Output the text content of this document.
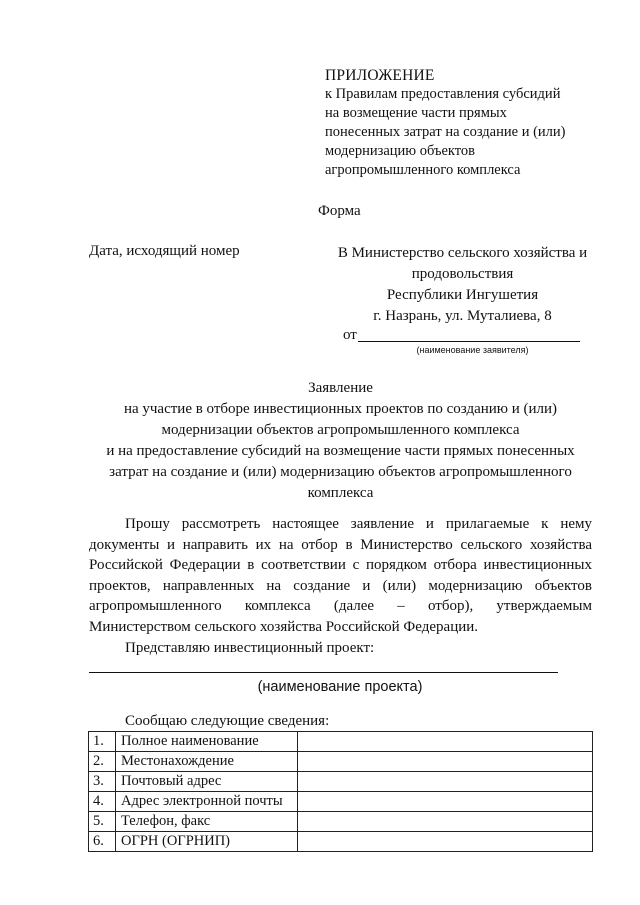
ПРИЛОЖЕНИЕ
к Правилам предоставления субсидий
на возмещение части прямых
понесенных затрат на создание и (или)
модернизацию объектов
агропромышленного комплекса
Форма
Дата, исходящий номер	В Министерство сельского хозяйства и
продовольствия
Республики Ингушетия
г. Назрань, ул. Муталиева, 8
от
(наименование заявителя)
Заявление
на участие в отборе инвестиционных проектов по созданию и (или)
модернизации объектов агропромышленного комплекса
и на предоставление субсидий на возмещение части прямых понесенных
затрат на создание и (или) модернизацию объектов агропромышленного
комплекса
Прошу рассмотреть настоящее заявление и прилагаемые к нему документы и направить их на отбор в Министерство сельского хозяйства Российской Федерации в соответствии с порядком отбора инвестиционных проектов, направленных на создание и (или) модернизацию объектов агропромышленного комплекса (далее – отбор), утверждаемым Министерством сельского хозяйства Российской Федерации.
Представляю инвестиционный проект:
(наименование проекта)
Сообщаю следующие сведения:
1.	Полное наименование	
2.	Местонахождение	
3.	Почтовый адрес	
4.	Адрес электронной почты	
5.	Телефон, факс	
6.	ОГРН (ОГРНИП)	
